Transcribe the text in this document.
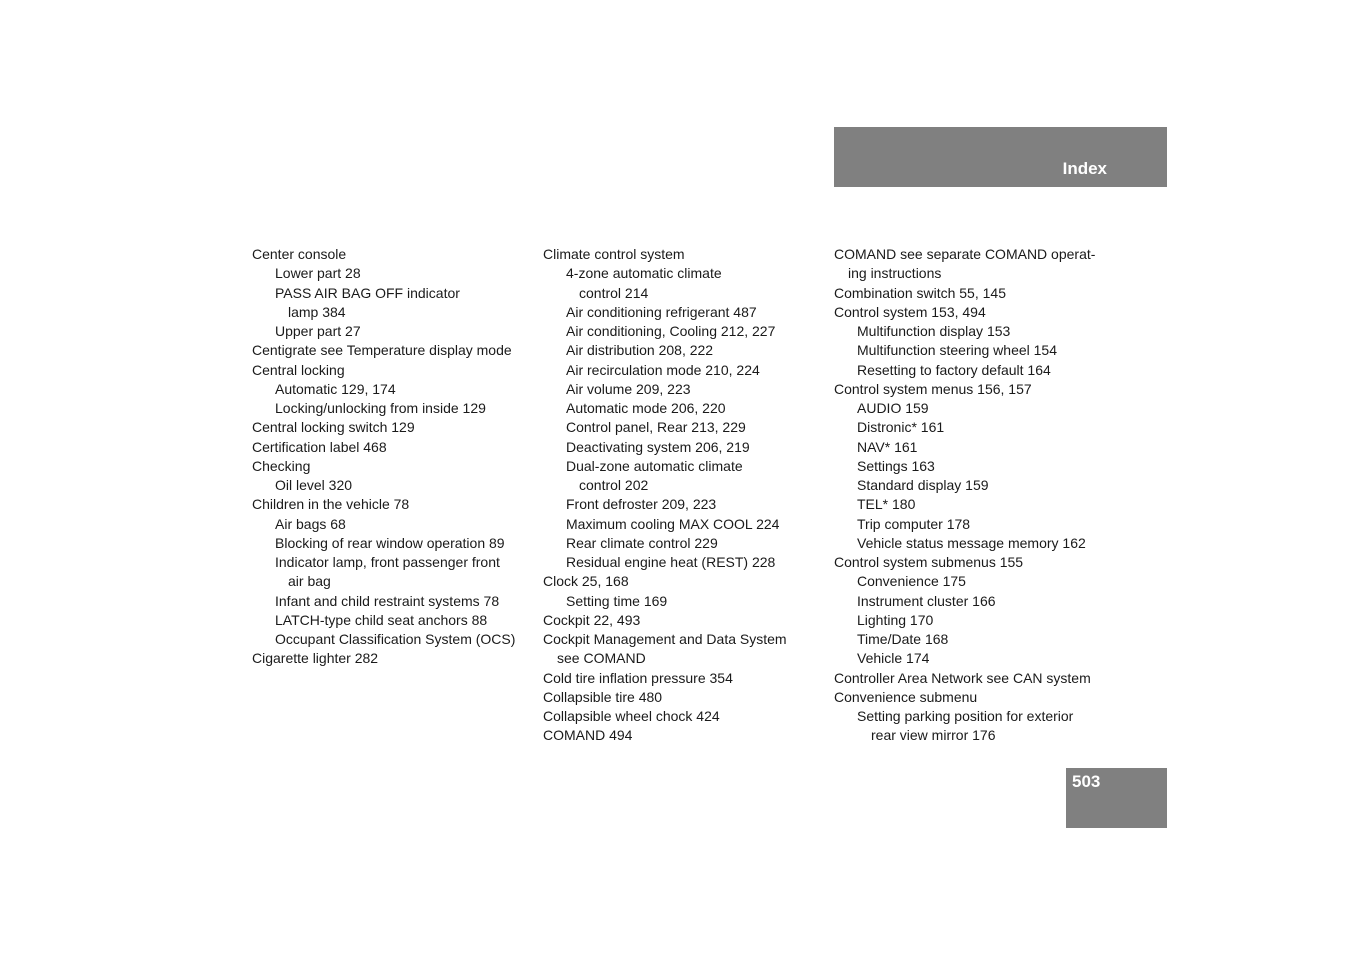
Index
Center console
Lower part 28
PASS AIR BAG OFF indicator
lamp 384
Upper part 27
Centigrate see Temperature display mode
Central locking
Automatic 129, 174
Locking/unlocking from inside 129
Central locking switch 129
Certification label 468
Checking
Oil level 320
Children in the vehicle 78
Air bags 68
Blocking of rear window operation 89
Indicator lamp, front passenger front
air bag
Infant and child restraint systems 78
LATCH-type child seat anchors 88
Occupant Classification System (OCS)
Cigarette lighter 282
Climate control system
4-zone automatic climate
control 214
Air conditioning refrigerant 487
Air conditioning, Cooling 212, 227
Air distribution 208, 222
Air recirculation mode 210, 224
Air volume 209, 223
Automatic mode 206, 220
Control panel, Rear 213, 229
Deactivating system 206, 219
Dual-zone automatic climate
control 202
Front defroster 209, 223
Maximum cooling MAX COOL 224
Rear climate control 229
Residual engine heat (REST) 228
Clock 25, 168
Setting time 169
Cockpit 22, 493
Cockpit Management and Data System
see COMAND
Cold tire inflation pressure 354
Collapsible tire 480
Collapsible wheel chock 424
COMAND 494
COMAND see separate COMAND operat-
ing instructions
Combination switch 55, 145
Control system 153, 494
Multifunction display 153
Multifunction steering wheel 154
Resetting to factory default 164
Control system menus 156, 157
AUDIO 159
Distronic* 161
NAV* 161
Settings 163
Standard display 159
TEL* 180
Trip computer 178
Vehicle status message memory 162
Control system submenus 155
Convenience 175
Instrument cluster 166
Lighting 170
Time/Date 168
Vehicle 174
Controller Area Network see CAN system
Convenience submenu
Setting parking position for exterior
rear view mirror 176
503
